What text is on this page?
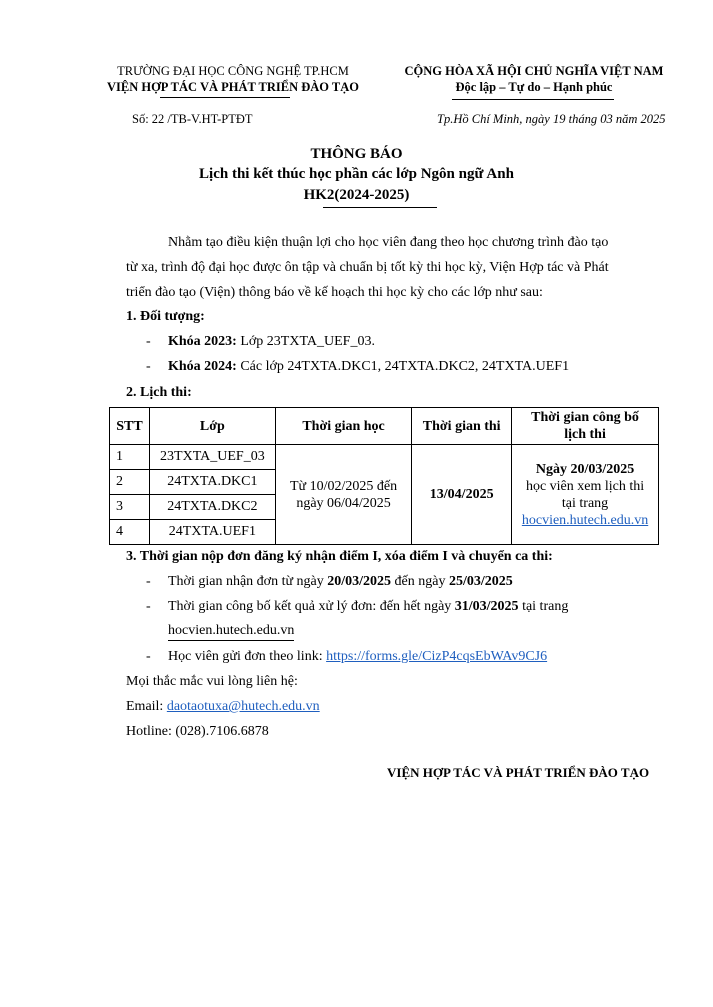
TRƯỜNG ĐẠI HỌC CÔNG NGHỆ TP.HCM
VIỆN HỢP TÁC VÀ PHÁT TRIỂN ĐÀO TẠO
CỘNG HÒA XÃ HỘI CHỦ NGHĨA VIỆT NAM
Độc lập – Tự do – Hạnh phúc
Số: 22 /TB-V.HT-PTĐT	Tp.Hồ Chí Minh, ngày 19 tháng 03 năm 2025
THÔNG BÁO
Lịch thi kết thúc học phần các lớp Ngôn ngữ Anh
HK2(2024-2025)
Nhằm tạo điều kiện thuận lợi cho học viên đang theo học chương trình đào tạo
từ xa, trình độ đại học được ôn tập và chuẩn bị tốt kỳ thi học kỳ, Viện Hợp tác và Phát
triển đào tạo (Viện) thông báo về kế hoạch thi học kỳ cho các lớp như sau:
1. Đối tượng:
- Khóa 2023: Lớp 23TXTA_UEF_03.
- Khóa 2024: Các lớp 24TXTA.DKC1, 24TXTA.DKC2, 24TXTA.UEF1
2. Lịch thi:
STT	Lớp	Thời gian học	Thời gian thi	Thời gian công bố
lịch thi
1	23TXTA_UEF_03	Từ 10/02/2025 đến
ngày 06/04/2025	13/04/2025	Ngày 20/03/2025
học viên xem lịch thi
tại trang
hocvien.hutech.edu.vn
2	24TXTA.DKC1			
3	24TXTA.DKC2			
4	24TXTA.UEF1			
3. Thời gian nộp đơn đăng ký nhận điểm I, xóa điểm I và chuyển ca thi:
- Thời gian nhận đơn từ ngày 20/03/2025 đến ngày 25/03/2025
- Thời gian công bố kết quả xử lý đơn: đến hết ngày 31/03/2025 tại trang
hocvien.hutech.edu.vn
- Học viên gửi đơn theo link: https://forms.gle/CizP4cqsEbWAv9CJ6
Mọi thắc mắc vui lòng liên hệ:
Email: daotaotuxa@hutech.edu.vn
Hotline: (028).7106.6878
VIỆN HỢP TÁC VÀ PHÁT TRIỂN ĐÀO TẠO
